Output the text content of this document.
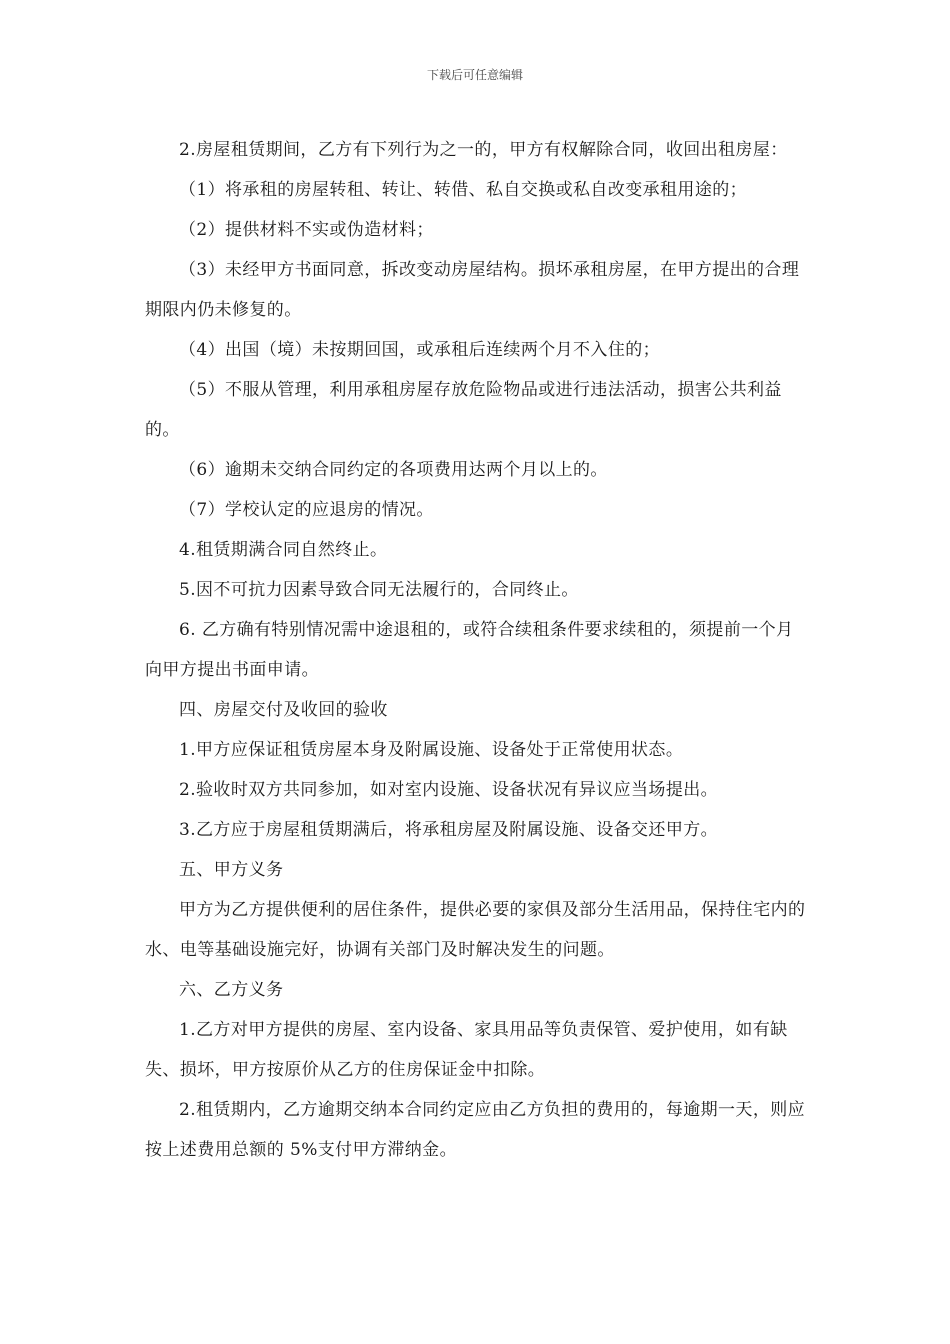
下载后可任意编辑

2.房屋租赁期间，乙方有下列行为之一的，甲方有权解除合同，收回出租房屋：

（1）将承租的房屋转租、转让、转借、私自交换或私自改变承租用途的；

（2）提供材料不实或伪造材料；

（3）未经甲方书面同意，拆改变动房屋结构。损坏承租房屋，在甲方提出的合理期限内仍未修复的。

（4）出国（境）未按期回国，或承租后连续两个月不入住的；

（5）不服从管理，利用承租房屋存放危险物品或进行违法活动，损害公共利益的。

（6）逾期未交纳合同约定的各项费用达两个月以上的。

（7）学校认定的应退房的情况。

4.租赁期满合同自然终止。

5.因不可抗力因素导致合同无法履行的，合同终止。

6. 乙方确有特别情况需中途退租的，或符合续租条件要求续租的，须提前一个月向甲方提出书面申请。

四、房屋交付及收回的验收

1.甲方应保证租赁房屋本身及附属设施、设备处于正常使用状态。

2.验收时双方共同参加，如对室内设施、设备状况有异议应当场提出。

3.乙方应于房屋租赁期满后，将承租房屋及附属设施、设备交还甲方。

五、甲方义务

甲方为乙方提供便利的居住条件，提供必要的家俱及部分生活用品，保持住宅内的水、电等基础设施完好，协调有关部门及时解决发生的问题。

六、乙方义务

1.乙方对甲方提供的房屋、室内设备、家具用品等负责保管、爱护使用，如有缺失、损坏，甲方按原价从乙方的住房保证金中扣除。

2.租赁期内，乙方逾期交纳本合同约定应由乙方负担的费用的，每逾期一天，则应按上述费用总额的 5%支付甲方滞纳金。
